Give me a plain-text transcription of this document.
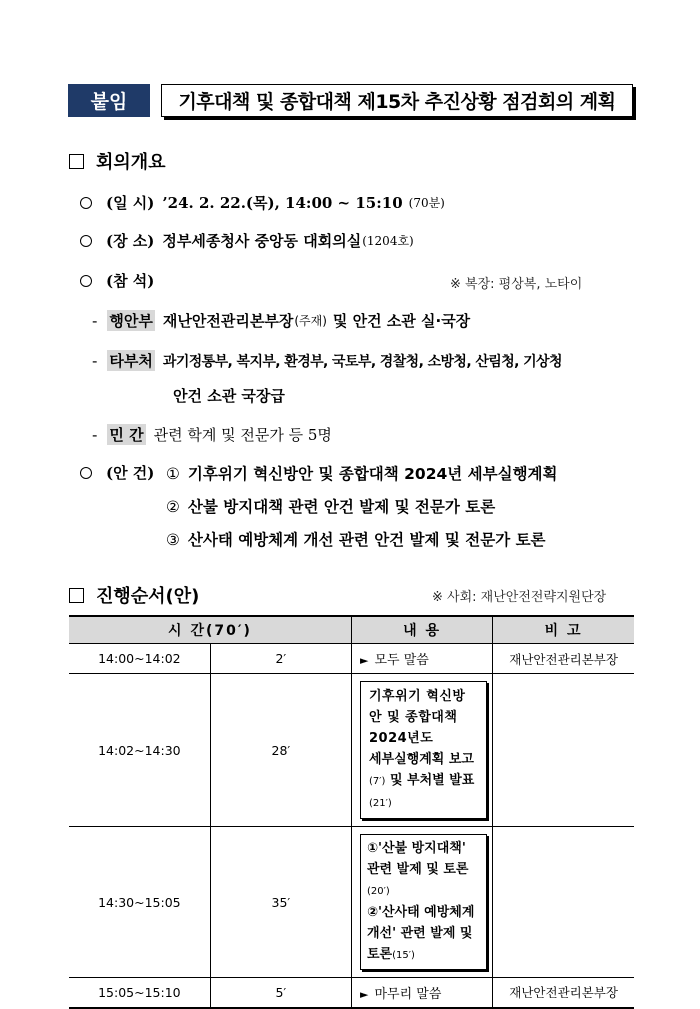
붙임	기후대책 및 종합대책 제15차 추진상황 점검회의 계획
회의개요
(일 시) ’24. 2. 22.(목), 14:00 ~ 15:10 (70분)
(장 소) 정부세종청사 중앙동 대회의실 (1204호)
(참 석)	※ 복장: 평상복, 노타이
- 행안부 재난안전관리본부장 (주재) 및 안건 소관 실·국장
- 타부처 과기정통부, 복지부, 환경부, 국토부, 경찰청, 소방청, 산림청, 기상청
안건 소관 국장급
- 민 간 관련 학계 및 전문가 등 5명
(안 건) ① 기후위기 혁신방안 및 종합대책 2024년 세부실행계획
② 산불 방지대책 관련 안건 발제 및 전문가 토론
③ 산사태 예방체계 개선 관련 안건 발제 및 전문가 토론
진행순서(안)	※ 사회: 재난안전전략지원단장
시 간(70′)		내 용	비 고
14:00~14:02	2′	► 모두 말씀	재난안전관리본부장
14:02~14:30	28′	기후위기 혁신방안 및 종합대책 2024년도
세부실행계획 보고(7′) 및 부처별 발표(21′)	

14:30~15:05	35′	①'산불 방지대책' 관련 발제 및 토론(20′)
②'산사태 예방체계 개선' 관련 발제 및 토론(15′)	

15:05~15:10	5′	► 마무리 말씀	재난안전관리본부장
